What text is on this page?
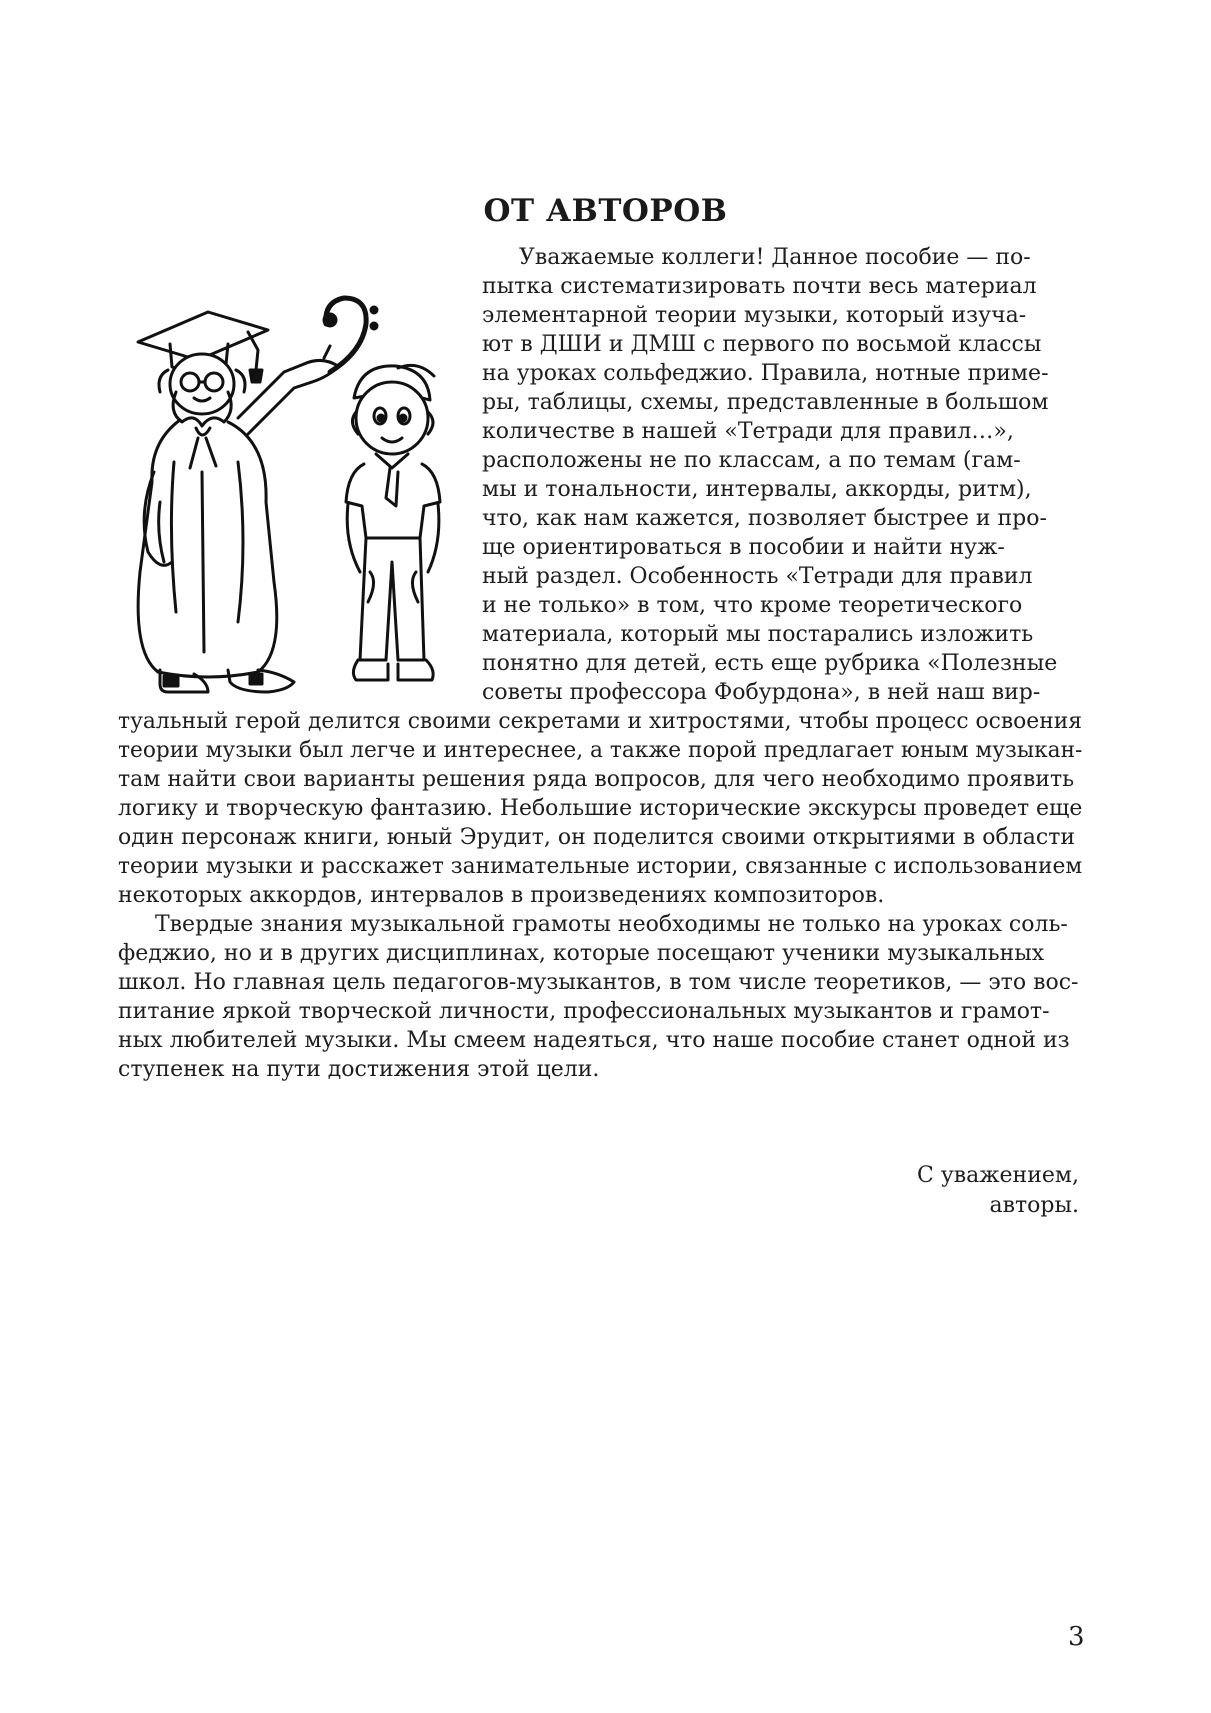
ОТ АВТОРОВ
Уважаемые коллеги! Данное пособие — по-
пытка систематизировать почти весь материал
элементарной теории музыки, который изуча-
ют в ДШИ и ДМШ с первого по восьмой классы
на уроках сольфеджио. Правила, нотные приме-
ры, таблицы, схемы, представленные в большом
количестве в нашей «Тетради для правил…»,
расположены не по классам, а по темам (гам-
мы и тональности, интервалы, аккорды, ритм),
что, как нам кажется, позволяет быстрее и про-
ще ориентироваться в пособии и найти нуж-
ный раздел. Особенность «Тетради для правил
и не только» в том, что кроме теоретического
материала, который мы постарались изложить
понятно для детей, есть еще рубрика «Полезные
советы профессора Фобурдона», в ней наш вир-
туальный герой делится своими секретами и хитростями, чтобы процесс освоения
теории музыки был легче и интереснее, а также порой предлагает юным музыкан-
там найти свои варианты решения ряда вопросов, для чего необходимо проявить
логику и творческую фантазию. Небольшие исторические экскурсы проведет еще
один персонаж книги, юный Эрудит, он поделится своими открытиями в области
теории музыки и расскажет занимательные истории, связанные с использованием
некоторых аккордов, интервалов в произведениях композиторов.
Твердые знания музыкальной грамоты необходимы не только на уроках соль-
феджио, но и в других дисциплинах, которые посещают ученики музыкальных
школ. Но главная цель педагогов-музыкантов, в том числе теоретиков, — это вос-
питание яркой творческой личности, профессиональных музыкантов и грамот-
ных любителей музыки. Мы смеем надеяться, что наше пособие станет одной из
ступенек на пути достижения этой цели.
С уважением,
авторы.
3
